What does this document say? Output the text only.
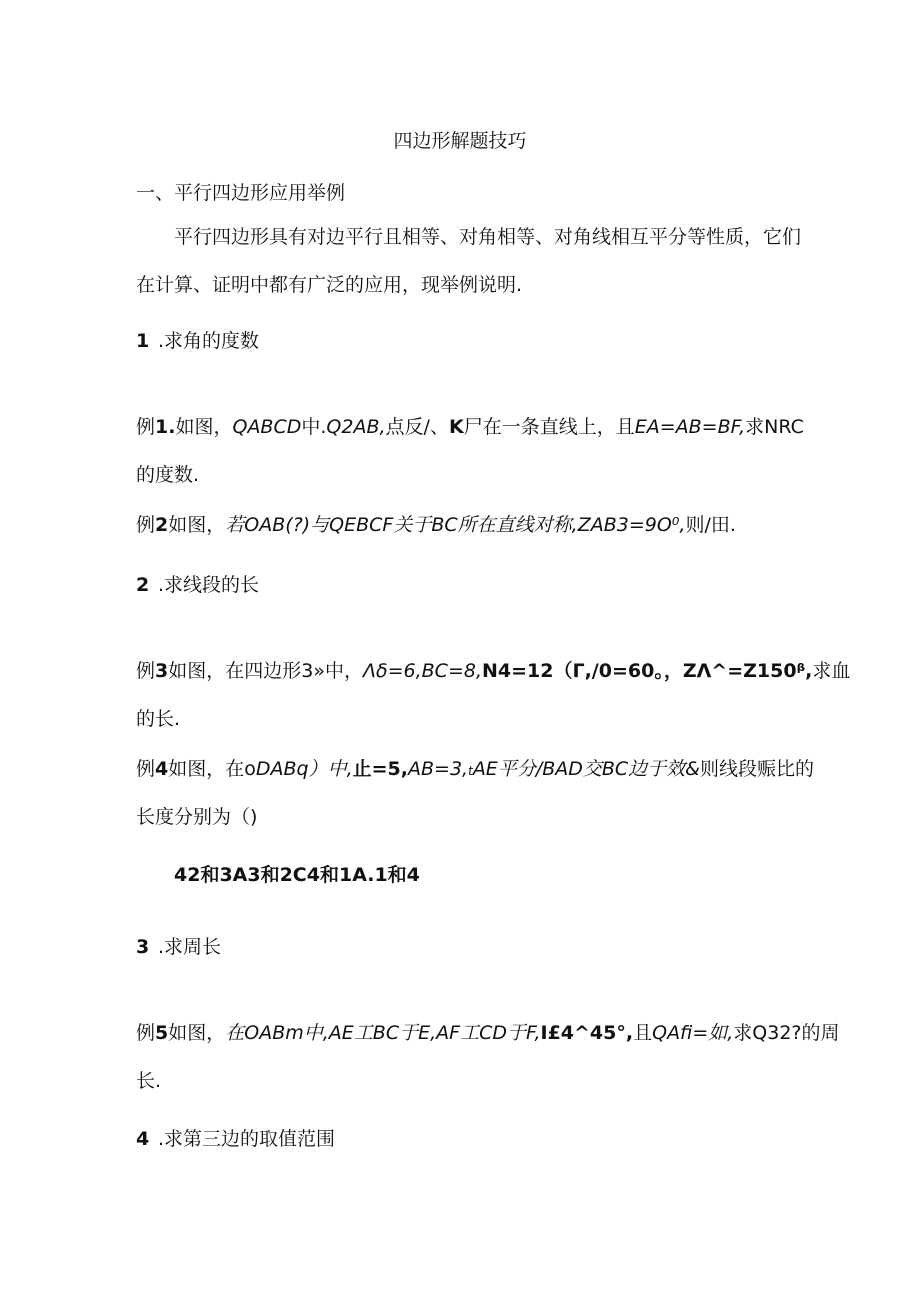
四边形解题技巧
一、平行四边形应用举例
平行四边形具有对边平行且相等、对角相等、对角线相互平分等性质，它们
在计算、证明中都有广泛的应用，现举例说明.
1 .求角的度数
例1.如图，QABCD中.Q2AB,点反/、K尸在一条直线上，且EA=AB=BF,求NRC
的度数.
例2如图，若OAB(?)与QEBCF关于BC所在直线对称,ZAB3=9O⁰,则/田.
2 .求线段的长
例3如图，在四边形3»中，Λδ=6,BC=8,N4=12（Γ,/0=60。，ZΛ^=Z150ᵝ,求血
的长.
例4如图，在oDABq）中,止=5,AB=3,tAE平分/BAD交BC边于效&则线段赈比的
长度分别为（)
42和3A3和2C4和1A.1和4
3 .求周长
例5如图，在OABm中,AE工BC于E,AF工CD于F,I£4^45°,且QAfi=如,求Q32?的周
长.
4 .求第三边的取值范围
